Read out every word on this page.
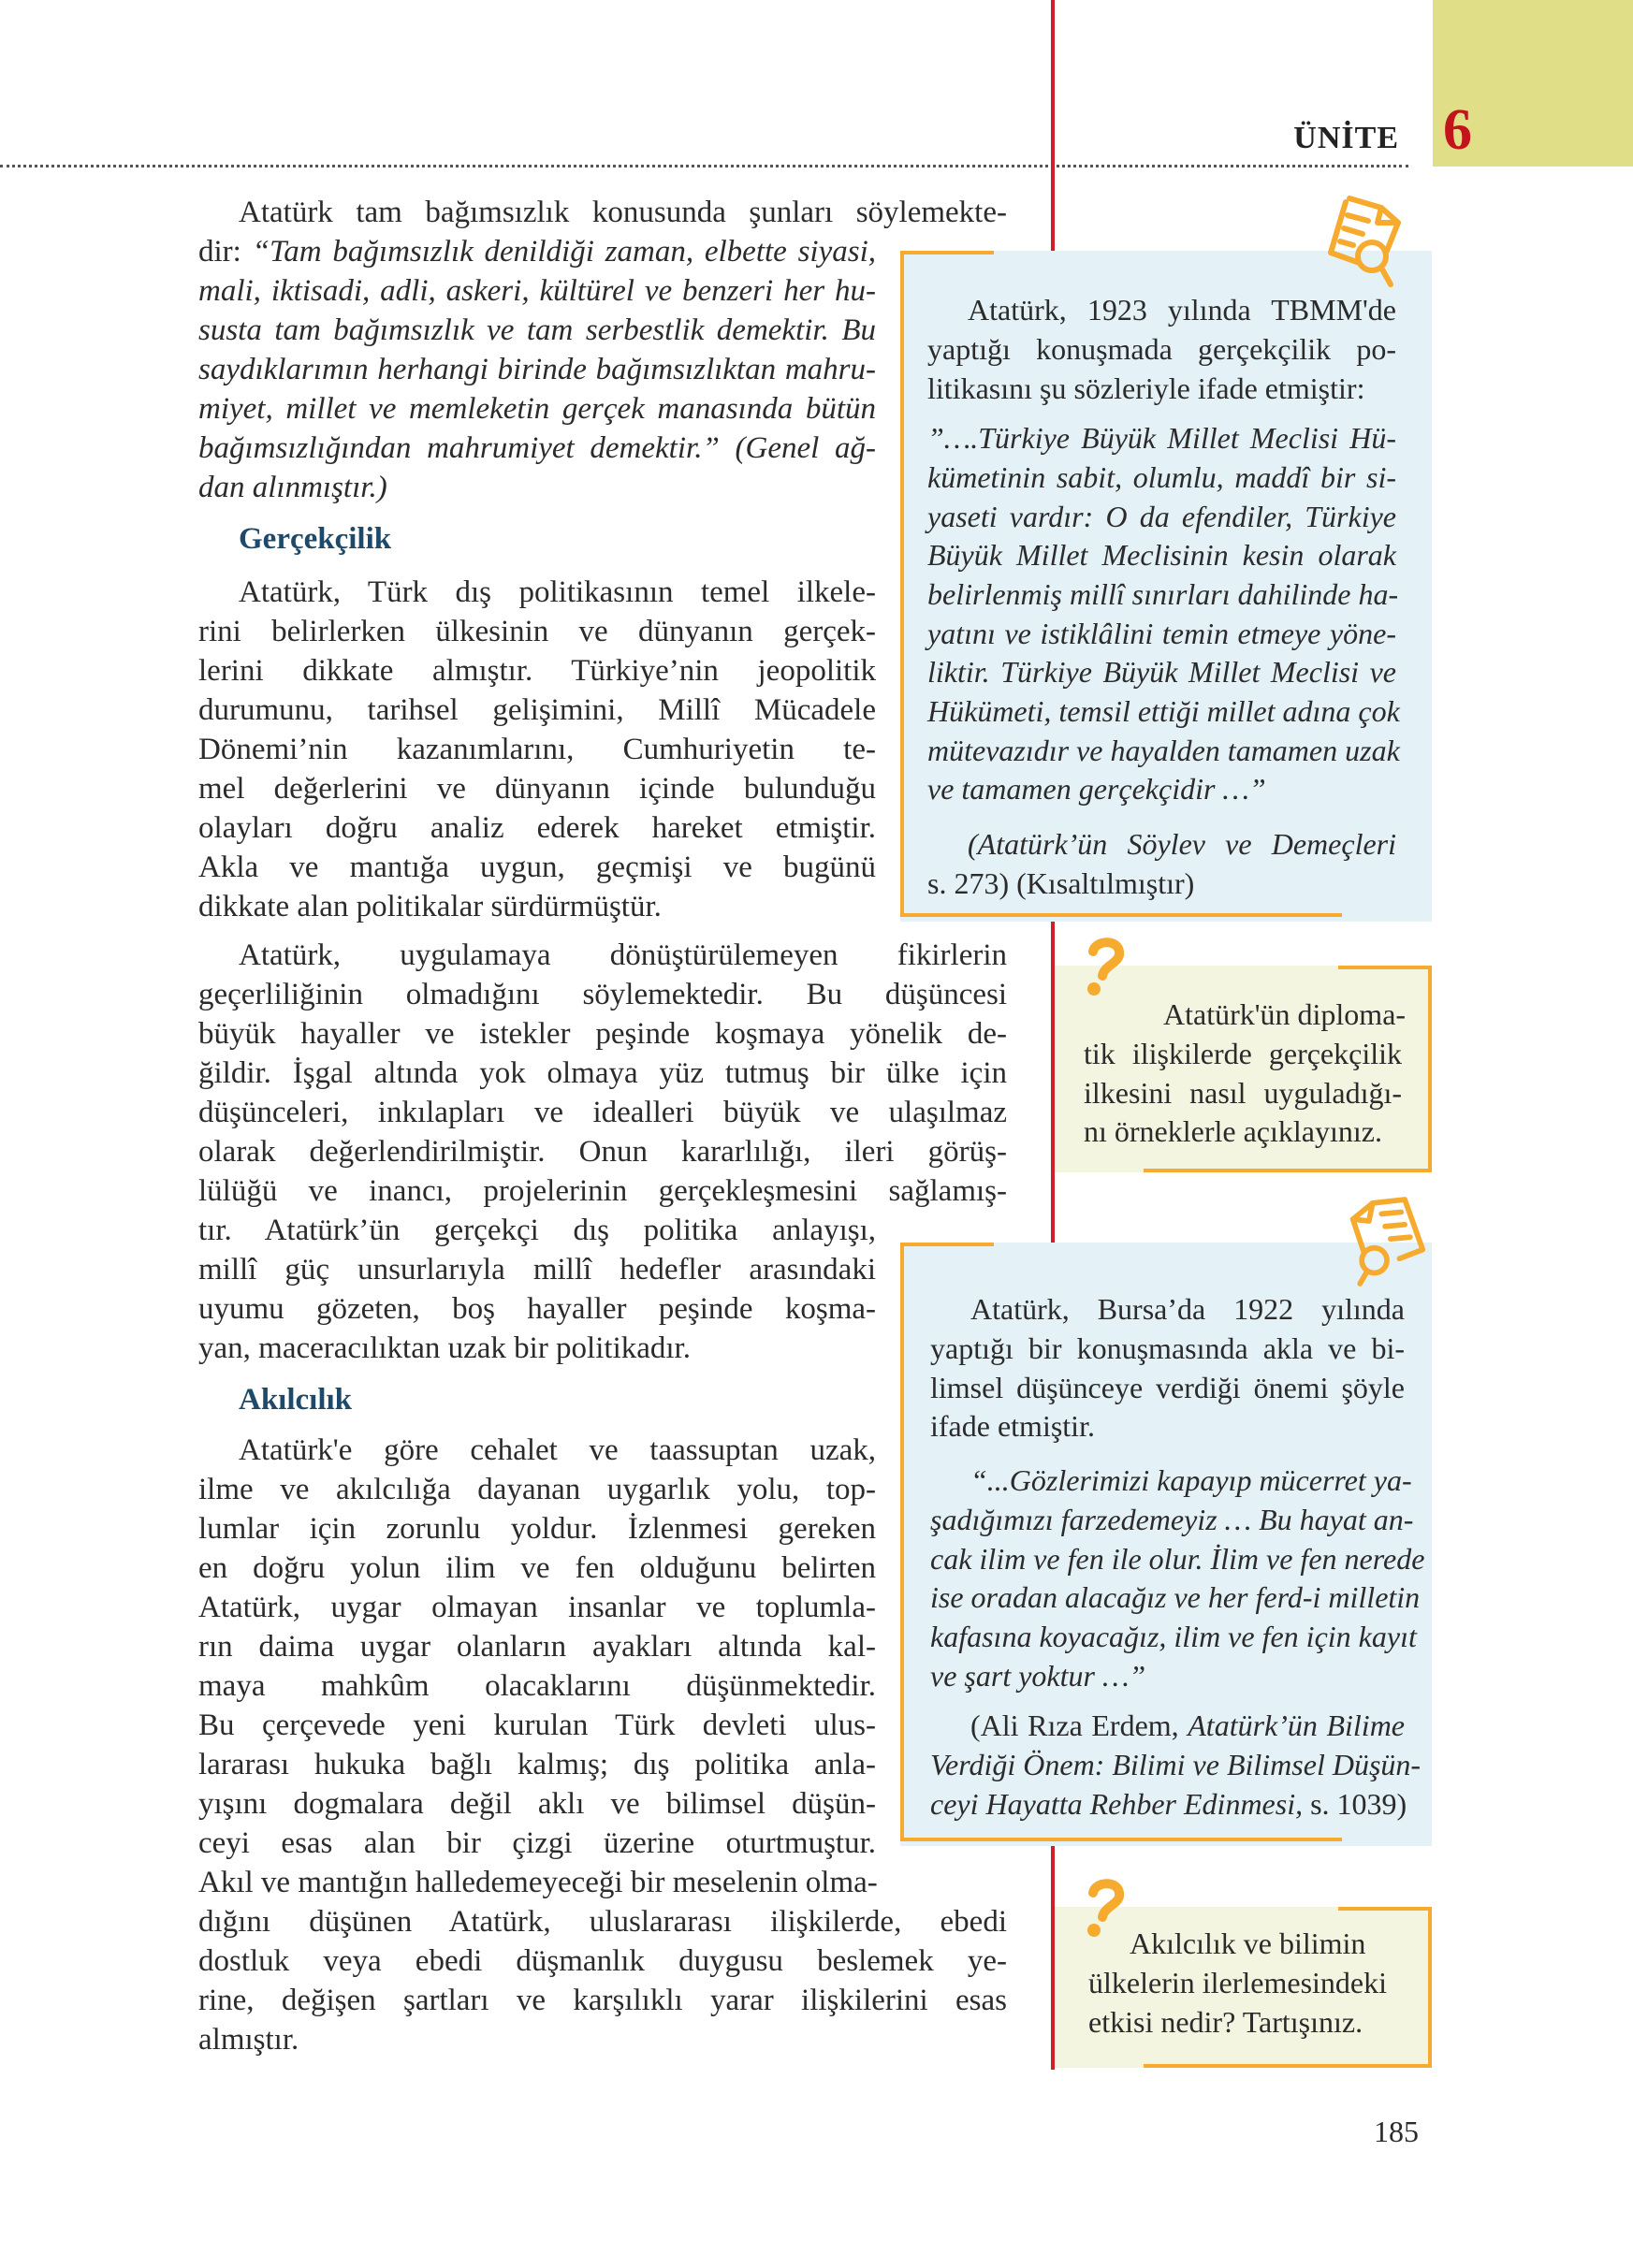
ÜNİTE 6
185
Atatürk tam bağımsızlık konusunda şunları söylemekte-
dir: “Tam bağımsızlık denildiği zaman, elbette siyasi,
mali, iktisadi, adli, askeri, kültürel ve benzeri her hu-
susta tam bağımsızlık ve tam serbestlik demektir. Bu
saydıklarımın herhangi birinde bağımsızlıktan mahru-
miyet, millet ve memleketin gerçek manasında bütün
bağımsızlığından mahrumiyet demektir.” (Genel ağ-
dan alınmıştır.)
Gerçekçilik
Atatürk, Türk dış politikasının temel ilkele-
rini belirlerken ülkesinin ve dünyanın gerçek-
lerini dikkate almıştır. Türkiye’nin jeopolitik
durumunu, tarihsel gelişimini, Millî Mücadele
Dönemi’nin kazanımlarını, Cumhuriyetin te-
mel değerlerini ve dünyanın içinde bulunduğu
olayları doğru analiz ederek hareket etmiştir.
Akla ve mantığa uygun, geçmişi ve bugünü
dikkate alan politikalar sürdürmüştür.
Atatürk, uygulamaya dönüştürülemeyen fikirlerin
geçerliliğinin olmadığını söylemektedir. Bu düşüncesi
büyük hayaller ve istekler peşinde koşmaya yönelik de-
ğildir. İşgal altında yok olmaya yüz tutmuş bir ülke için
düşünceleri, inkılapları ve idealleri büyük ve ulaşılmaz
olarak değerlendirilmiştir. Onun kararlılığı, ileri görüş-
lülüğü ve inancı, projelerinin gerçekleşmesini sağlamış-
tır. Atatürk’ün gerçekçi dış politika anlayışı,
millî güç unsurlarıyla millî hedefler arasındaki
uyumu gözeten, boş hayaller peşinde koşma-
yan, maceracılıktan uzak bir politikadır.
Akılcılık
Atatürk'e göre cehalet ve taassuptan uzak,
ilme ve akılcılığa dayanan uygarlık yolu, top-
lumlar için zorunlu yoldur. İzlenmesi gereken
en doğru yolun ilim ve fen olduğunu belirten
Atatürk, uygar olmayan insanlar ve toplumla-
rın daima uygar olanların ayakları altında kal-
maya mahkûm olacaklarını düşünmektedir.
Bu çerçevede yeni kurulan Türk devleti ulus-
lararası hukuka bağlı kalmış; dış politika anla-
yışını dogmalara değil aklı ve bilimsel düşün-
ceyi esas alan bir çizgi üzerine oturtmuştur.
Akıl ve mantığın halledemeyeceği bir meselenin olma-
dığını düşünen Atatürk, uluslararası ilişkilerde, ebedi
dostluk veya ebedi düşmanlık duygusu beslemek ye-
rine, değişen şartları ve karşılıklı yarar ilişkilerini esas
almıştır.
Atatürk, 1923 yılında TBMM'de
yaptığı konuşmada gerçekçilik po-
litikasını şu sözleriyle ifade etmiştir:
”….Türkiye Büyük Millet Meclisi Hü-
kümetinin sabit, olumlu, maddî bir si-
yaseti vardır: O da efendiler, Türkiye
Büyük Millet Meclisinin kesin olarak
belirlenmiş millî sınırları dahilinde ha-
yatını ve istiklâlini temin etmeye yöne-
liktir. Türkiye Büyük Millet Meclisi ve
Hükümeti, temsil ettiği millet adına çok
mütevazıdır ve hayalden tamamen uzak
ve tamamen gerçekçidir …”
(Atatürk’ün Söylev ve Demeçleri
s. 273) (Kısaltılmıştır)
Atatürk, Bursa’da 1922 yılında
yaptığı bir konuşmasında akla ve bi-
limsel düşünceye verdiği önemi şöyle
ifade etmiştir.
“...Gözlerimizi kapayıp mücerret ya-
şadığımızı farzedemeyiz … Bu hayat an-
cak ilim ve fen ile olur. İlim ve fen nerede
ise oradan alacağız ve her ferd-i milletin
kafasına koyacağız, ilim ve fen için kayıt
ve şart yoktur …”
(Ali Rıza Erdem, Atatürk’ün Bilime
Verdiği Önem: Bilimi ve Bilimsel Düşün-
ceyi Hayatta Rehber Edinmesi, s. 1039)
Atatürk'ün diploma-
tik ilişkilerde gerçekçilik
ilkesini nasıl uyguladığı-
nı örneklerle açıklayınız.
Akılcılık ve bilimin
ülkelerin ilerlemesindeki
etkisi nedir? Tartışınız.
